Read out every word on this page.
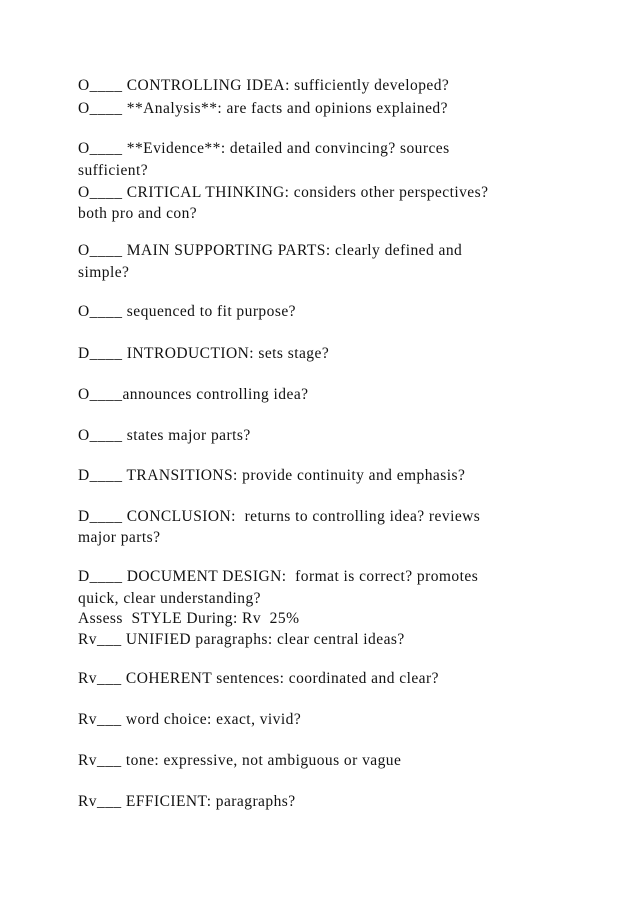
O____ CONTROLLING IDEA: sufficiently developed?

O____ **Analysis**: are facts and opinions explained?

O____ **Evidence**: detailed and convincing? sources

sufficient?

O____ CRITICAL THINKING: considers other perspectives?

both pro and con?

O____ MAIN SUPPORTING PARTS: clearly defined and

simple?

O____ sequenced to fit purpose?

D____ INTRODUCTION: sets stage?

O____announces controlling idea?

O____ states major parts?

D____ TRANSITIONS: provide continuity and emphasis?

D____ CONCLUSION:  returns to controlling idea? reviews

major parts?

D____ DOCUMENT DESIGN:  format is correct? promotes

quick, clear understanding?

Assess  STYLE During: Rv  25%

Rv___ UNIFIED paragraphs: clear central ideas?

Rv___ COHERENT sentences: coordinated and clear?

Rv___ word choice: exact, vivid?

Rv___ tone: expressive, not ambiguous or vague

Rv___ EFFICIENT: paragraphs?
